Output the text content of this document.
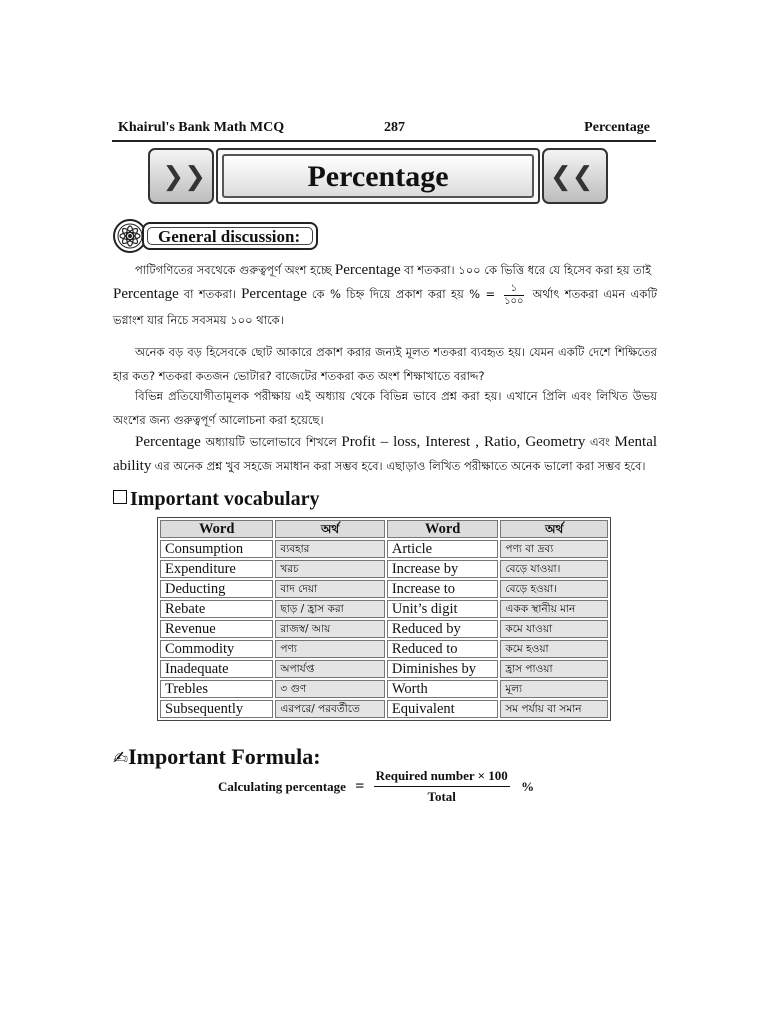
Khairul's Bank Math MCQ	287	Percentage
❯❯	Percentage	❮❮
General discussion:
পাটিগণিতের সবথেকে গুরুত্বপূর্ণ অংশ হচ্ছে Percentage বা শতকরা। ১০০ কে ভিত্তি ধরে যে হিসেব করা হয় তাই
Percentage বা শতকরা। Percentage কে % চিহ্ন দিয়ে প্রকাশ করা হয় % = $\frac{১}{১০০}$ অর্থাৎ শতকরা এমন একটি ভগ্নাংশ যার নিচে সবসময় ১০০ থাকে।
অনেক বড় বড় হিসেবকে ছোট আকারে প্রকাশ করার জন্যই মূলত শতকরা ব্যবহৃত হয়। যেমন একটি দেশে শিক্ষিতের হার কত? শতকরা কতজন ভোটার? বাজেটের শতকরা কত অংশ শিক্ষাখাতে বরাদ্দ?
বিভিন্ন প্রতিযোগীতামূলক পরীক্ষায় এই অধ্যায় থেকে বিভিন্ন ভাবে প্রশ্ন করা হয়। এখানে প্রিলি এবং লিখিত উভয় অংশের জন্য গুরুত্বপূর্ণ আলোচনা করা হয়েছে।
Percentage অধ্যায়টি ভালোভাবে শিখলে Profit – loss, Interest , Ratio, Geometry এবং Mental ability এর অনেক প্রশ্ন খুব সহজে সমাধান করা সম্ভব হবে। এছাড়াও লিখিত পরীক্ষাতে অনেক ভালো করা সম্ভব হবে।
Important vocabulary
Word	অর্থ	Word	অর্থ
Consumption	ব্যবহার	Article	পণ্য বা দ্রব্য
Expenditure	খরচ	Increase by	বেড়ে যাওয়া।
Deducting	বাদ দেয়া	Increase to	বেড়ে হওয়া।
Rebate	ছাড় / হ্রাস করা	Unit’s digit	একক স্থানীয় মান
Revenue	রাজস্ব/ আয়	Reduced by	কমে যাওয়া
Commodity	পণ্য	Reduced to	কমে হওয়া
Inadequate	অপার্যপ্ত	Diminishes by	হ্রাস পাওয়া
Trebles	৩ গুণ	Worth	মূল্য
Subsequently	এরপরে/ পরবর্তীতে	Equivalent	সম পর্যায় বা সমান
✍Important Formula:
Calculating percentage =
Required number × 100
Total
%
